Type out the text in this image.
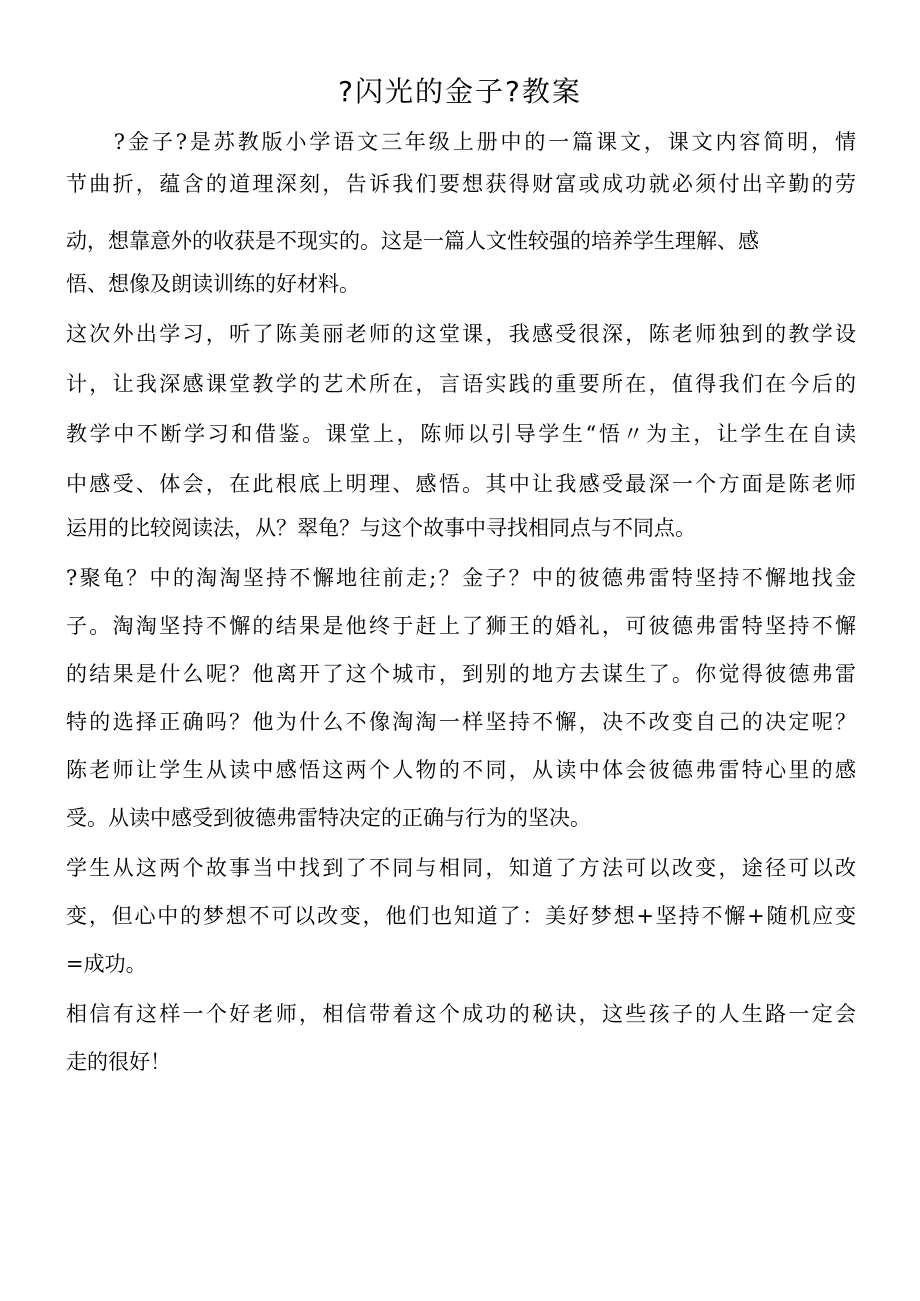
?闪光的金子?教案
　　?金子?是苏教版小学语文三年级上册中的一篇课文，课文内容简明，情
节曲折，蕴含的道理深刻，告诉我们要想获得财富或成功就必须付出辛勤的劳
动，想靠意外的收获是不现实的。这是一篇人文性较强的培养学生理解、感
悟、想像及朗读训练的好材料。
这次外出学习，听了陈美丽老师的这堂课，我感受很深，陈老师独到的教学设
计，让我深感课堂教学的艺术所在，言语实践的重要所在，值得我们在今后的
教学中不断学习和借鉴。课堂上，陈师以引导学生“悟〃为主，让学生在自读
中感受、体会，在此根底上明理、感悟。其中让我感受最深一个方面是陈老师
运用的比较阅读法，从？翠龟？与这个故事中寻找相同点与不同点。
?聚龟？中的淘淘坚持不懈地往前走;？金子？中的彼德弗雷特坚持不懈地找金
子。淘淘坚持不懈的结果是他终于赶上了狮王的婚礼，可彼德弗雷特坚持不懈
的结果是什么呢？他离开了这个城市，到别的地方去谋生了。你觉得彼德弗雷
特的选择正确吗？他为什么不像淘淘一样坚持不懈，决不改变自己的决定呢？
陈老师让学生从读中感悟这两个人物的不同，从读中体会彼德弗雷特心里的感
受。从读中感受到彼德弗雷特决定的正确与行为的坚决。
学生从这两个故事当中找到了不同与相同，知道了方法可以改变，途径可以改
变，但心中的梦想不可以改变，他们也知道了：美好梦想+坚持不懈+随机应变
=成功。
相信有这样一个好老师，相信带着这个成功的秘诀，这些孩子的人生路一定会
走的很好！
